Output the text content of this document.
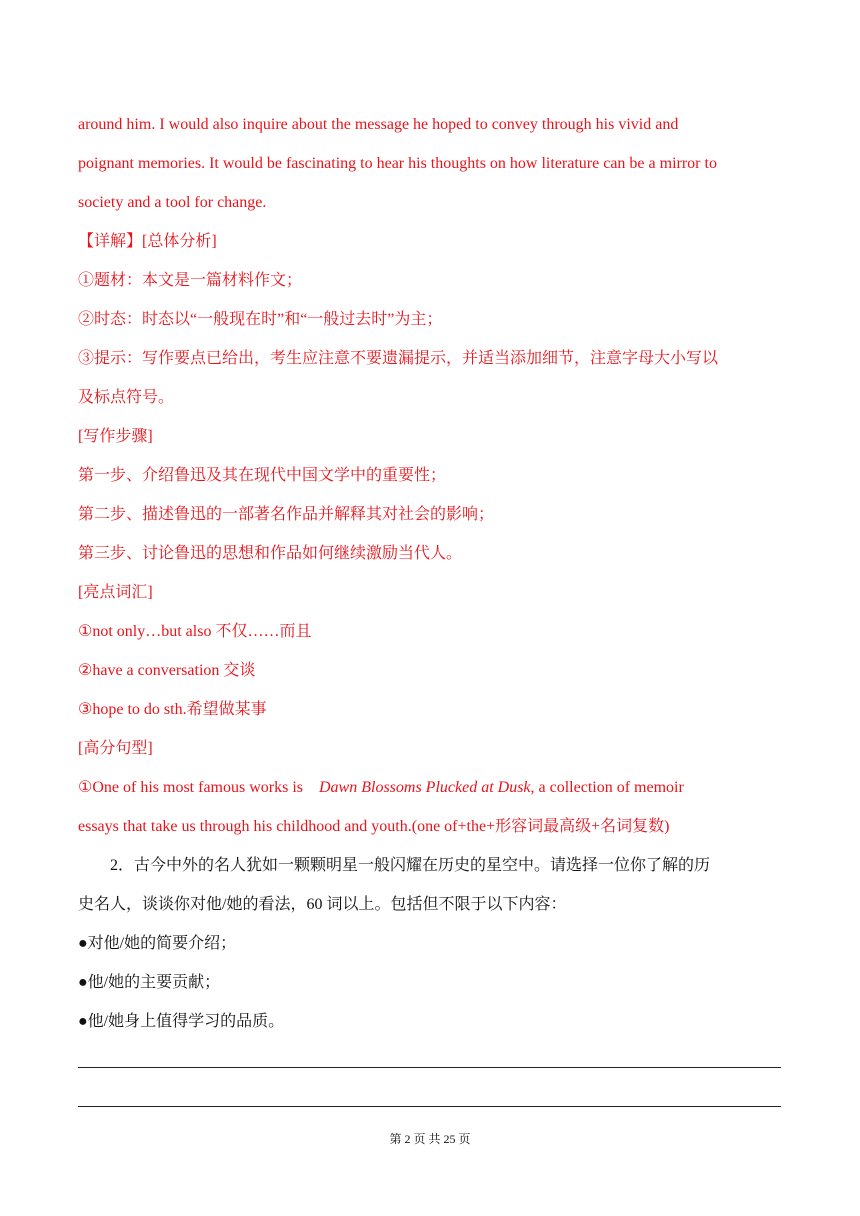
around him. I would also inquire about the message he hoped to convey through his vivid and
poignant memories. It would be fascinating to hear his thoughts on how literature can be a mirror to
society and a tool for change.
【详解】[总体分析]
①题材：本文是一篇材料作文；
②时态：时态以“一般现在时”和“一般过去时”为主；
③提示：写作要点已给出，考生应注意不要遗漏提示，并适当添加细节，注意字母大小写以
及标点符号。
[写作步骤]
第一步、介绍鲁迅及其在现代中国文学中的重要性；
第二步、描述鲁迅的一部著名作品并解释其对社会的影响；
第三步、讨论鲁迅的思想和作品如何继续激励当代人。
[亮点词汇]
①not only…but also 不仅……而且
②have a conversation 交谈
③hope to do sth.希望做某事
[高分句型]
①One of his most famous works is Dawn Blossoms Plucked at Dusk, a collection of memoir
essays that take us through his childhood and youth.(one of+the+形容词最高级+名词复数)
2．古今中外的名人犹如一颗颗明星一般闪耀在历史的星空中。请选择一位你了解的历
史名人，谈谈你对他/她的看法，60 词以上。包括但不限于以下内容：
●对他/她的简要介绍；
●他/她的主要贡献；
●他/她身上值得学习的品质。
第 2 页 共 25 页
